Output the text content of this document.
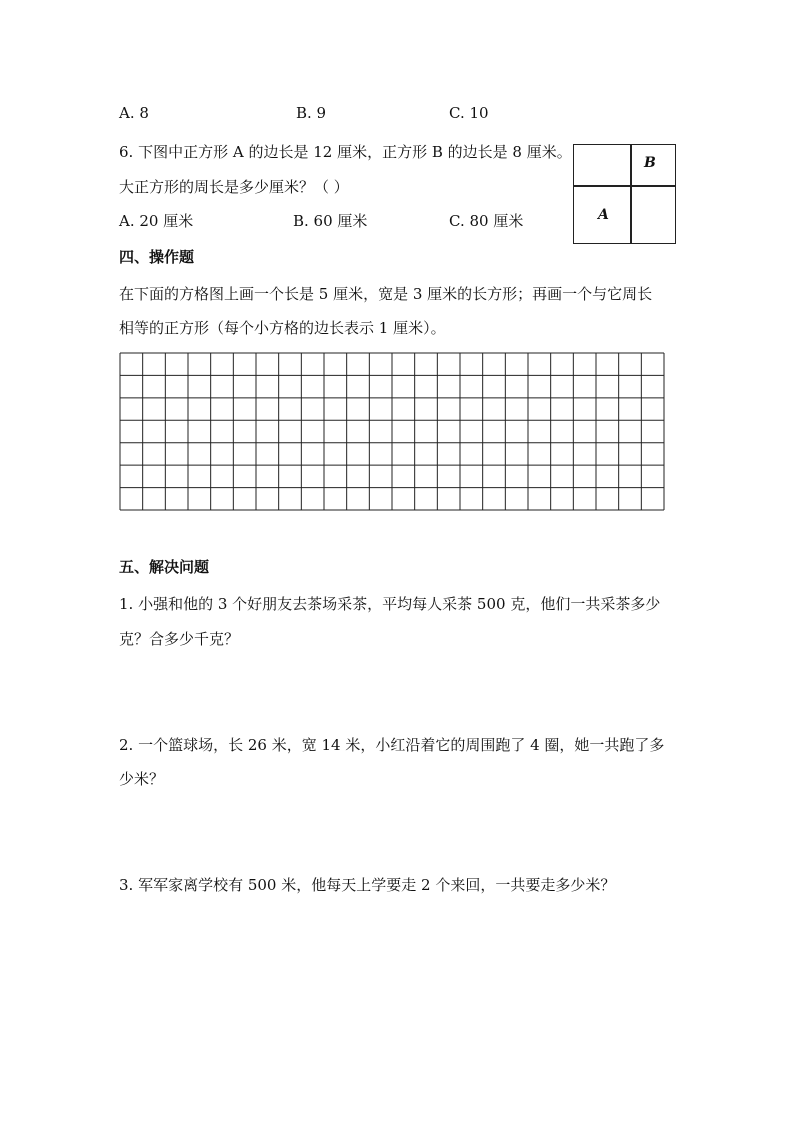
A. 8	B. 9	C. 10
6. 下图中正方形 A 的边长是 12 厘米，正方形 B 的边长是 8 厘米。
大正方形的周长是多少厘米？（ ）
A. 20 厘米	B. 60 厘米	C. 80 厘米
B
A
四、操作题
在下面的方格图上画一个长是 5 厘米，宽是 3 厘米的长方形；再画一个与它周长
相等的正方形（每个小方格的边长表示 1 厘米）。
五、解决问题
1. 小强和他的 3 个好朋友去茶场采茶，平均每人采茶 500 克，他们一共采茶多少
克？合多少千克？
2. 一个篮球场，长 26 米，宽 14 米，小红沿着它的周围跑了 4 圈，她一共跑了多
少米？
3. 军军家离学校有 500 米，他每天上学要走 2 个来回，一共要走多少米？
